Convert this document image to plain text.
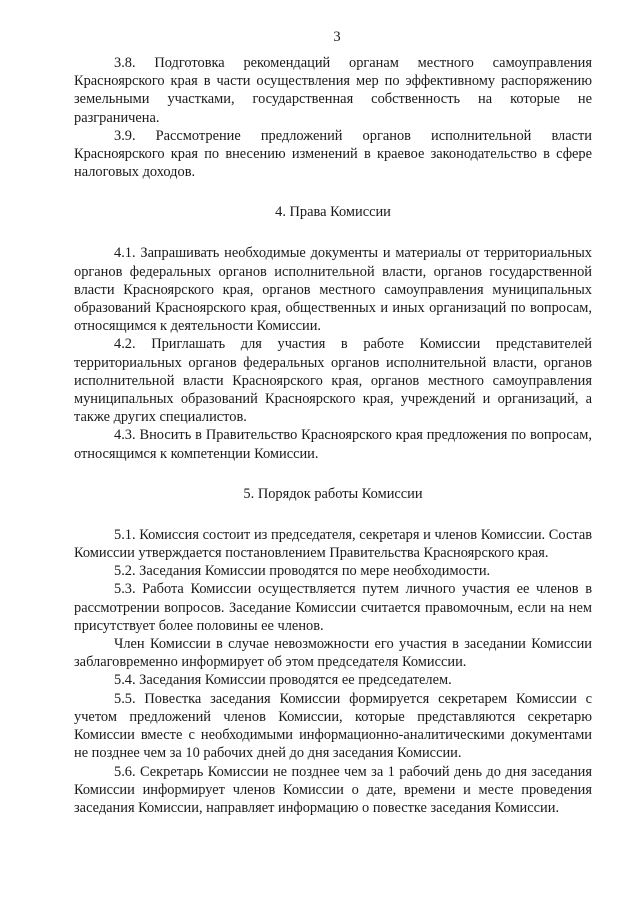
3

3.8. Подготовка рекомендаций органам местного самоуправления Красноярского края в части осуществления мер по эффективному распоряжению земельными участками, государственная собственность на которые не разграничена.

3.9. Рассмотрение предложений органов исполнительной власти Красноярского края по внесению изменений в краевое законодательство в сфере налоговых доходов.

4. Права Комиссии

4.1. Запрашивать необходимые документы и материалы от территориальных органов федеральных органов исполнительной власти, органов государственной власти Красноярского края, органов местного самоуправления муниципальных образований Красноярского края, общественных и иных организаций по вопросам, относящимся к деятельности Комиссии.

4.2. Приглашать для участия в работе Комиссии представителей территориальных органов федеральных органов исполнительной власти, органов исполнительной власти Красноярского края, органов местного самоуправления муниципальных образований Красноярского края, учреждений и организаций, а также других специалистов.

4.3. Вносить в Правительство Красноярского края предложения по вопросам, относящимся к компетенции Комиссии.

5. Порядок работы Комиссии

5.1. Комиссия состоит из председателя, секретаря и членов Комиссии. Состав Комиссии утверждается постановлением Правительства Красноярского края.

5.2. Заседания Комиссии проводятся по мере необходимости.

5.3. Работа Комиссии осуществляется путем личного участия ее членов в рассмотрении вопросов. Заседание Комиссии считается правомочным, если на нем присутствует более половины ее членов.

Член Комиссии в случае невозможности его участия в заседании Комиссии заблаговременно информирует об этом председателя Комиссии.

5.4. Заседания Комиссии проводятся ее председателем.

5.5. Повестка заседания Комиссии формируется секретарем Комиссии с учетом предложений членов Комиссии, которые представляются секретарю Комиссии вместе с необходимыми информационно-аналитическими документами не позднее чем за 10 рабочих дней до дня заседания Комиссии.

5.6. Секретарь Комиссии не позднее чем за 1 рабочий день до дня заседания Комиссии информирует членов Комиссии о дате, времени и месте проведения заседания Комиссии, направляет информацию о повестке заседания Комиссии.
